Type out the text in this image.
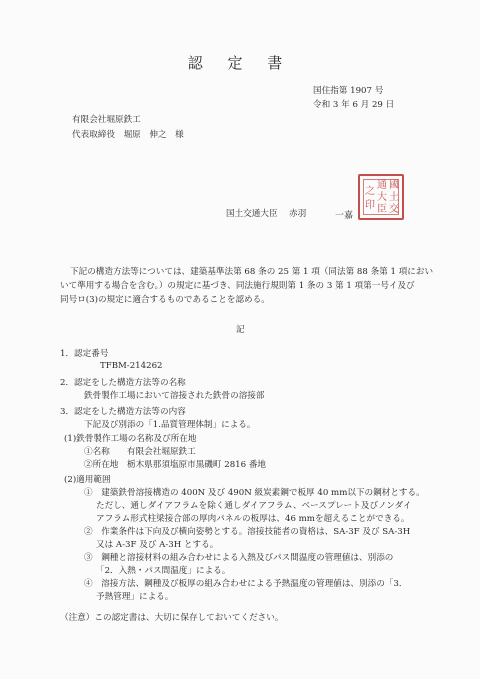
認 定 書
国住指第 1907 号
令和 3 年 6 月 29 日
有限会社堀原鉄工
代表取締役　堀原　伸之　様
国土交通大臣 赤羽	一嘉
國
土
交
通
大
臣
之
印
下記の構造方法等については、建築基準法第 68 条の 25 第 1 項（同法第 88 条第 1 項におい
いて準用する場合を含む。）の規定に基づき、同法施行規則第 1 条の 3 第 1 項第一号イ及び
同号ロ(3)の規定に適合するものであることを認める。
記
1．認定番号
TFBM-214262
2．認定をした構造方法等の名称
鉄骨製作工場において溶接された鉄骨の溶接部
3．認定をした構造方法等の内容
下記及び別添の「1.品質管理体制」による。
(1)鉄骨製作工場の名称及び所在地
①名称　　有限会社堀原鉄工
②所在地　栃木県那須塩原市黒磯町 2816 番地
(2)適用範囲
①　建築鉄骨溶接構造の 400N 及び 490N 級炭素鋼で板厚 40 mm以下の鋼材とする。
ただし、通しダイアフラムを除く通しダイアフラム、ベースプレート及びノンダイ
アフラム形式柱梁接合部の厚肉パネルの板厚は、46 mmを超えることができる。
②　作業条件は下向及び横向姿勢とする。溶接技能者の資格は、SA-3F 及び SA-3H
又は A-3F 及び A-3H とする。
③　鋼種と溶接材料の組み合わせによる入熱及びパス間温度の管理値は、別添の
「2．入熱・パス間温度」による。
④　溶接方法、鋼種及び板厚の組み合わせによる予熱温度の管理値は、別添の「3．
予熱管理」による。
（注意）この認定書は、大切に保存しておいてください。
